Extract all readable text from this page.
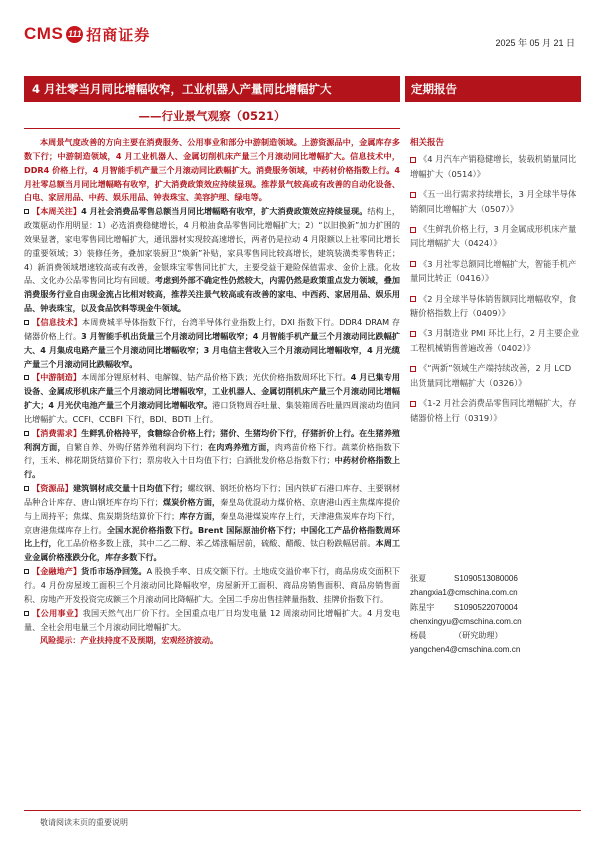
CMS 111 招商证券	2025 年 05 月 21 日
4 月社零当月同比增幅收窄，工业机器人产量同比增幅扩大	定期报告
——行业景气观察（0521）

本周景气度改善的方向主要在消费服务、公用事业和部分中游制造领域。上游资源品中，金属库存多数下行；中游制造领域，4 月工业机器人、金属切削机床产量三个月滚动同比增幅扩大。信息技术中，DDR4 价格上行，4 月智能手机产量三个月滚动同比跌幅扩大。消费服务领域，中药材价格指数上行。4 月社零总额当月同比增幅略有收窄，扩大消费政策效应持续显现。推荐景气较高或有改善的自动化设备、白电、家居用品、中药、娱乐用品、钟表珠宝、美容护理、绿电等。

【本周关注】4 月社会消费品零售总额当月同比增幅略有收窄，扩大消费政策效应持续显现。结构上，政策驱动作用明显：1）必选消费稳健增长，4 月粮油食品零售同比增幅扩大；2）“以旧换新”加力扩围的效果显著，家电零售同比增幅扩大，通讯器材实现较高速增长，两者仍是拉动 4 月限额以上社零同比增长的重要领域；3）装修任务，叠加家装厨卫“焕新”补贴，家具零售同比较高增长，建筑装潢类零售转正；4）新消费领域增速较高或有改善，金银珠宝零售同比扩大，主要受益于避险保值需求、金价上涨。化妆品、文化办公品零售同比均有回暖。考虑到外部不确定性仍然较大，内需仍然是政策重点发力领域，叠加消费服务行业自由现金流占比相对较高，推荐关注景气较高或有改善的家电、中西药、家居用品、娱乐用品、钟表珠宝，以及食品饮料等现金牛领域。

【信息技术】本周费城半导体指数下行，台湾半导体行业指数上行，DXI 指数下行。DDR4 DRAM 存储器价格上行。3 月智能手机出货量三个月滚动同比增幅收窄；4 月智能手机产量三个月滚动同比跌幅扩大、4 月集成电路产量三个月滚动同比增幅收窄；3 月电信主营收入三个月滚动同比增幅收窄，4 月光缆产量三个月滚动同比跌幅收窄。

【中游制造】本周部分锂原材料、电解镍、钴产品价格下跌；光伏价格指数周环比下行。4 月已集专用设备、金属成形机床产量三个月滚动同比增幅收窄，工业机器人、金属切削机床产量三个月滚动同比增幅扩大；4 月光伏电池产量三个月滚动同比增幅收窄。港口货物周吞吐量、集装箱周吞吐量四周滚动均值同比增幅扩大。CCFI、CCBFI 下行，BDI、BDTI 上行。

【消费需求】生鲜乳价格持平，食糖综合价格上行；猪价、生猪均价下行，仔猪折价上行。在生猪养殖利润方面，自繁自养、外购仔猪养殖利润均下行；在肉鸡养殖方面，肉鸡苗价格下行。蔬菜价格指数下行，玉米、棉花期货结算价下行；票房收入十日均值下行；白酒批发价格总指数下行；中药材价格指数上行。

【资源品】建筑钢材成交量十日均值下行；螺纹钢、钢坯价格均下行；国内铁矿石港口库存、主要钢材品种合计库存、唐山钢坯库存均下行；煤炭价格方面，秦皇岛优混动力煤价格、京唐港山西主焦煤库提价与上周持平；焦煤、焦炭期货结算价下行；库存方面，秦皇岛港煤炭库存上行，天津港焦炭库存均下行，京唐港焦煤库存上行。全国水泥价格指数下行。Brent 国际原油价格下行；中国化工产品价格指数周环比上行，化工品价格多数上涨，其中二乙二醇、苯乙烯涨幅居前，硫酸、醋酸、钛白粉跌幅居前。本周工业金属价格涨跌分化，库存多数下行。

【金融地产】货币市场净回笼。A 股换手率、日成交额下行。土地成交溢价率下行，商品房成交面积下行。4 月份房屋竣工面积三个月滚动同比降幅收窄，房屋新开工面积、商品房销售面积、商品房销售面积、房地产开发投资完成额三个月滚动同比降幅扩大。全国二手房出售挂牌量指数、挂牌价指数下行。

【公用事业】我国天然气出厂价下行。全国重点电厂日均发电量 12 周滚动同比增幅扩大。4 月发电量、全社会用电量三个月滚动同比增幅扩大。

风险提示：产业扶持度不及预期，宏观经济波动。

相关报告
《4 月汽车产销稳健增长，装载机销量同比增幅扩大（0514）》
《五一出行需求持续增长，3 月全球半导体销额同比增幅扩大（0507）》
《生鲜乳价格上行，3 月金属成形机床产量同比增幅扩大（0424）》
《3 月社零总额同比增幅扩大，智能手机产量同比转正（0416）》
《2 月全球半导体销售额同比增幅收窄，食糖价格指数上行（0409）》
《3 月制造业 PMI 环比上行，2 月主要企业工程机械销售普遍改善（0402）》
《“两新”领域生产端持续改善，2 月 LCD 出货量同比增幅扩大（0326）》
《1-2 月社会消费品零售同比增幅扩大，存储器价格上行（0319）》
张夏	S1090513080006
zhangxia1@cmschina.com.cn
陈星宇	S1090522070004
chenxingyu@cmschina.com.cn
杨晨	（研究助理）
yangchen4@cmschina.com.cn
敬请阅读末页的重要说明
